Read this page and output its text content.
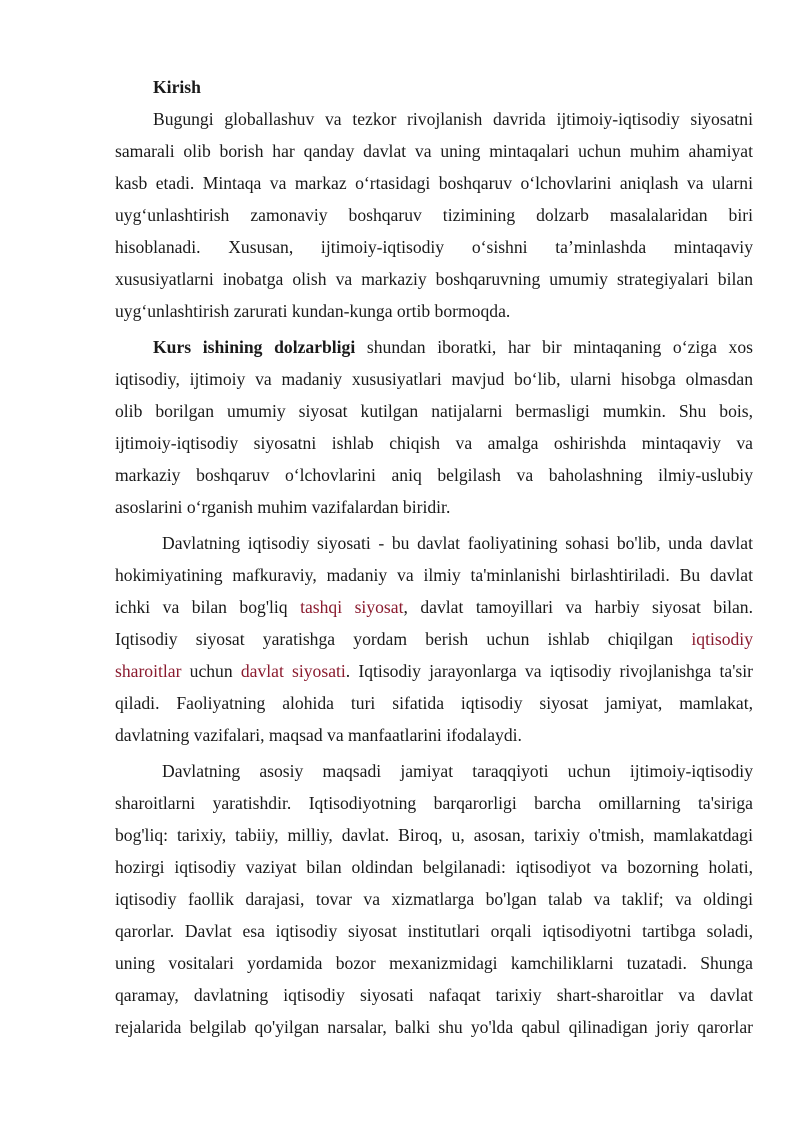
Kirish
Bugungi globallashuv va tezkor rivojlanish davrida ijtimoiy-iqtisodiy siyosatni
samarali olib borish har qanday davlat va uning mintaqalari uchun muhim ahamiyat
kasb etadi. Mintaqa va markaz o‘rtasidagi boshqaruv o‘lchovlarini aniqlash va ularni
uyg‘unlashtirish zamonaviy boshqaruv tizimining dolzarb masalalaridan biri
hisoblanadi. Xususan, ijtimoiy-iqtisodiy o‘sishni ta’minlashda mintaqaviy
xususiyatlarni inobatga olish va markaziy boshqaruvning umumiy strategiyalari bilan
uyg‘unlashtirish zarurati kundan-kunga ortib bormoqda.
Kurs ishining dolzarbligi shundan iboratki, har bir mintaqaning o‘ziga xos
iqtisodiy, ijtimoiy va madaniy xususiyatlari mavjud bo‘lib, ularni hisobga olmasdan
olib borilgan umumiy siyosat kutilgan natijalarni bermasligi mumkin. Shu bois,
ijtimoiy-iqtisodiy siyosatni ishlab chiqish va amalga oshirishda mintaqaviy va
markaziy boshqaruv o‘lchovlarini aniq belgilash va baholashning ilmiy-uslubiy
asoslarini o‘rganish muhim vazifalardan biridir.
Davlatning iqtisodiy siyosati - bu davlat faoliyatining sohasi bo'lib, unda davlat
hokimiyatining mafkuraviy, madaniy va ilmiy ta'minlanishi birlashtiriladi. Bu davlat
ichki va bilan bog'liq tashqi siyosat, davlat tamoyillari va harbiy siyosat bilan.
Iqtisodiy siyosat yaratishga yordam berish uchun ishlab chiqilgan iqtisodiy
sharoitlar uchun davlat siyosati. Iqtisodiy jarayonlarga va iqtisodiy rivojlanishga ta'sir
qiladi. Faoliyatning alohida turi sifatida iqtisodiy siyosat jamiyat, mamlakat,
davlatning vazifalari, maqsad va manfaatlarini ifodalaydi.
Davlatning asosiy maqsadi jamiyat taraqqiyoti uchun ijtimoiy-iqtisodiy
sharoitlarni yaratishdir. Iqtisodiyotning barqarorligi barcha omillarning ta'siriga
bog'liq: tarixiy, tabiiy, milliy, davlat. Biroq, u, asosan, tarixiy o'tmish, mamlakatdagi
hozirgi iqtisodiy vaziyat bilan oldindan belgilanadi: iqtisodiyot va bozorning holati,
iqtisodiy faollik darajasi, tovar va xizmatlarga bo'lgan talab va taklif; va oldingi
qarorlar. Davlat esa iqtisodiy siyosat institutlari orqali iqtisodiyotni tartibga soladi,
uning vositalari yordamida bozor mexanizmidagi kamchiliklarni tuzatadi. Shunga
qaramay, davlatning iqtisodiy siyosati nafaqat tarixiy shart-sharoitlar va davlat
rejalarida belgilab qo'yilgan narsalar, balki shu yo'lda qabul qilinadigan joriy qarorlar
